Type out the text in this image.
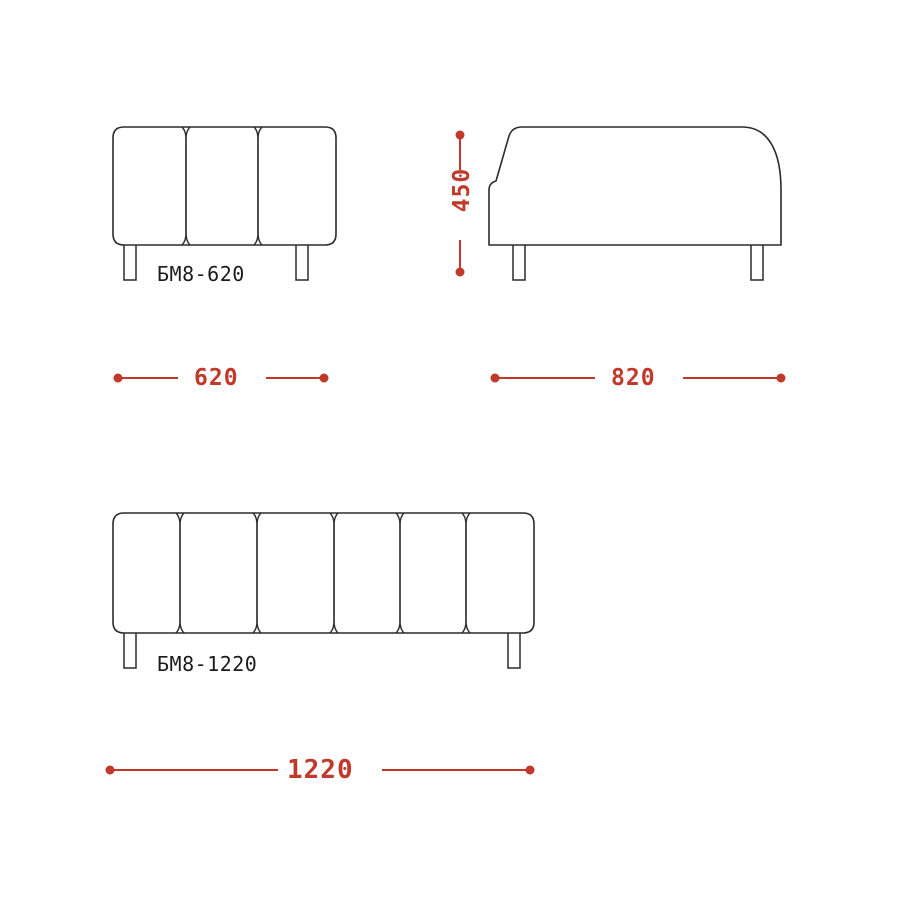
БМ8-620
620
450
820
БМ8-1220
1220
